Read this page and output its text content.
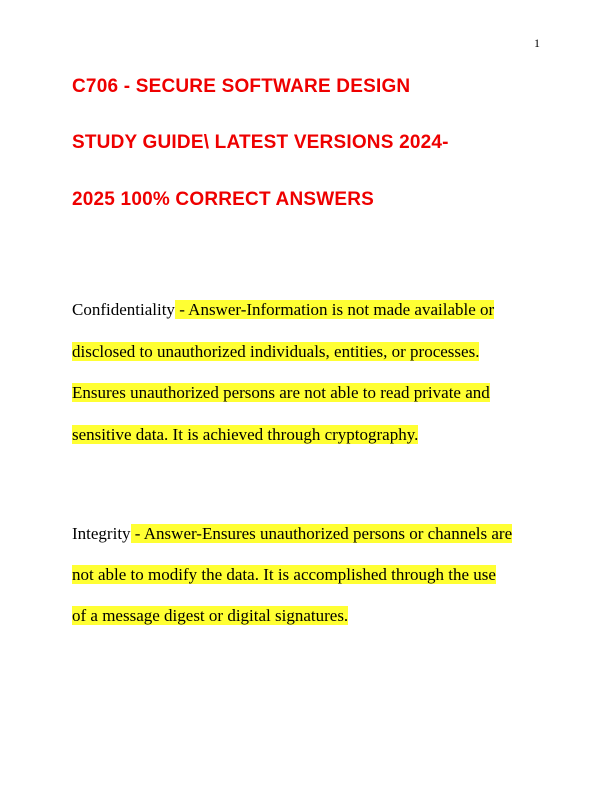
1
C706 - SECURE SOFTWARE DESIGN
STUDY GUIDE\ LATEST VERSIONS 2024-
2025 100% CORRECT ANSWERS
Confidentiality - Answer-Information is not made available or
disclosed to unauthorized individuals, entities, or processes.
Ensures unauthorized persons are not able to read private and
sensitive data. It is achieved through cryptography.
Integrity - Answer-Ensures unauthorized persons or channels are
not able to modify the data. It is accomplished through the use
of a message digest or digital signatures.
